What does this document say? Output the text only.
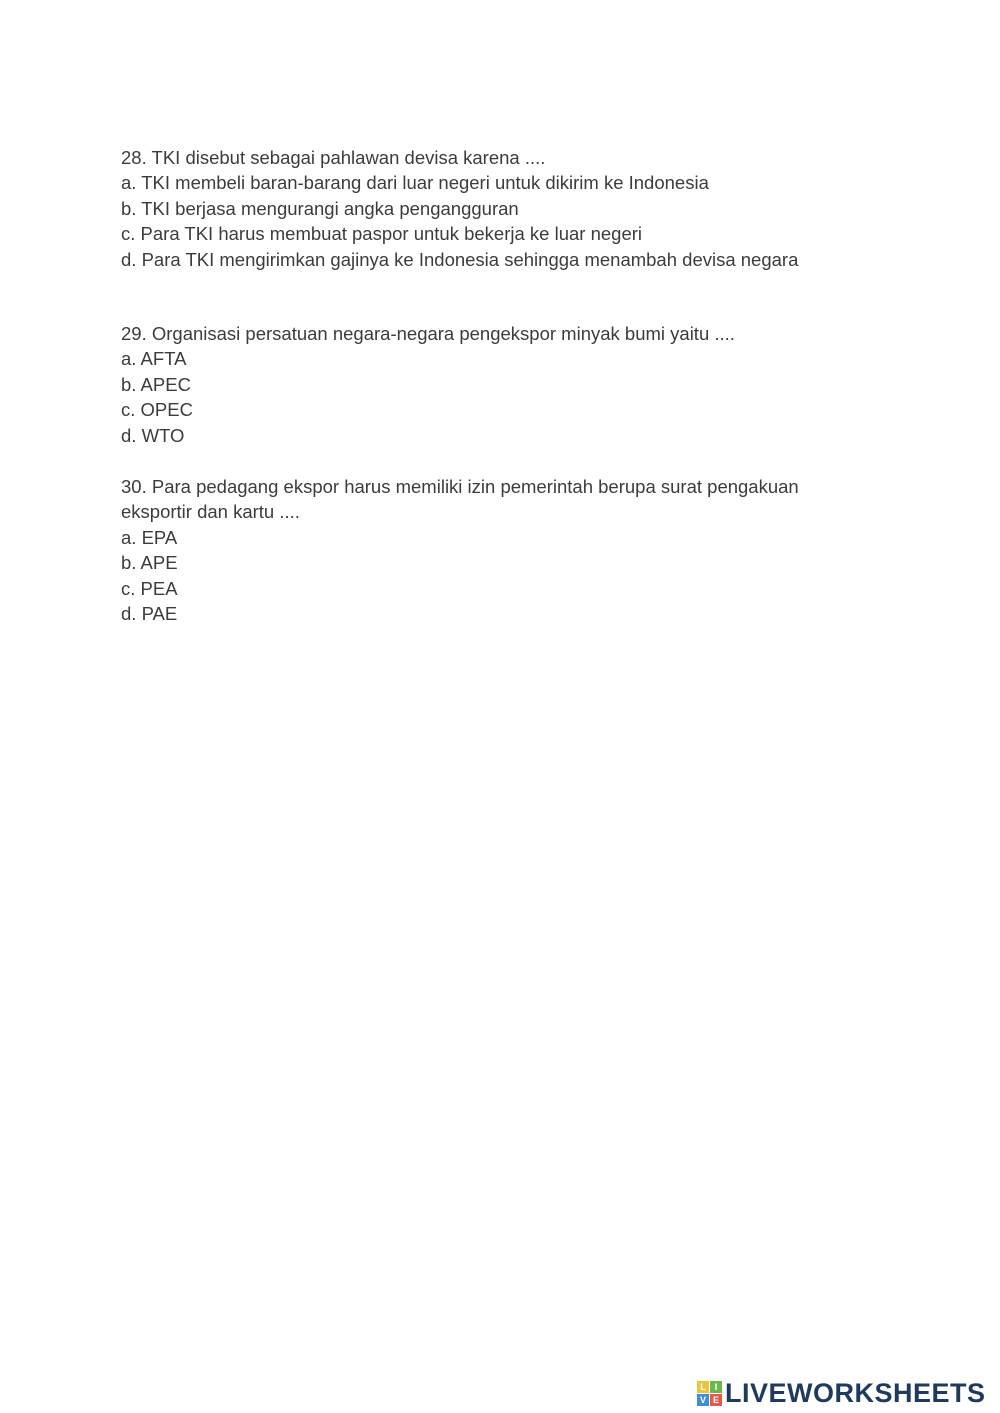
28. TKI disebut sebagai pahlawan devisa karena ....
a. TKI membeli baran-barang dari luar negeri untuk dikirim ke Indonesia
b. TKI berjasa mengurangi angka pengangguran
c. Para TKI harus membuat paspor untuk bekerja ke luar negeri
d. Para TKI mengirimkan gajinya ke Indonesia sehingga menambah devisa negara
29. Organisasi persatuan negara-negara pengekspor minyak bumi yaitu ....
a. AFTA
b. APEC
c. OPEC
d. WTO
30. Para pedagang ekspor harus memiliki izin pemerintah berupa surat pengakuan
eksportir dan kartu ....
a. EPA
b. APE
c. PEA
d. PAE
L I
V E LIVEWORKSHEETS
